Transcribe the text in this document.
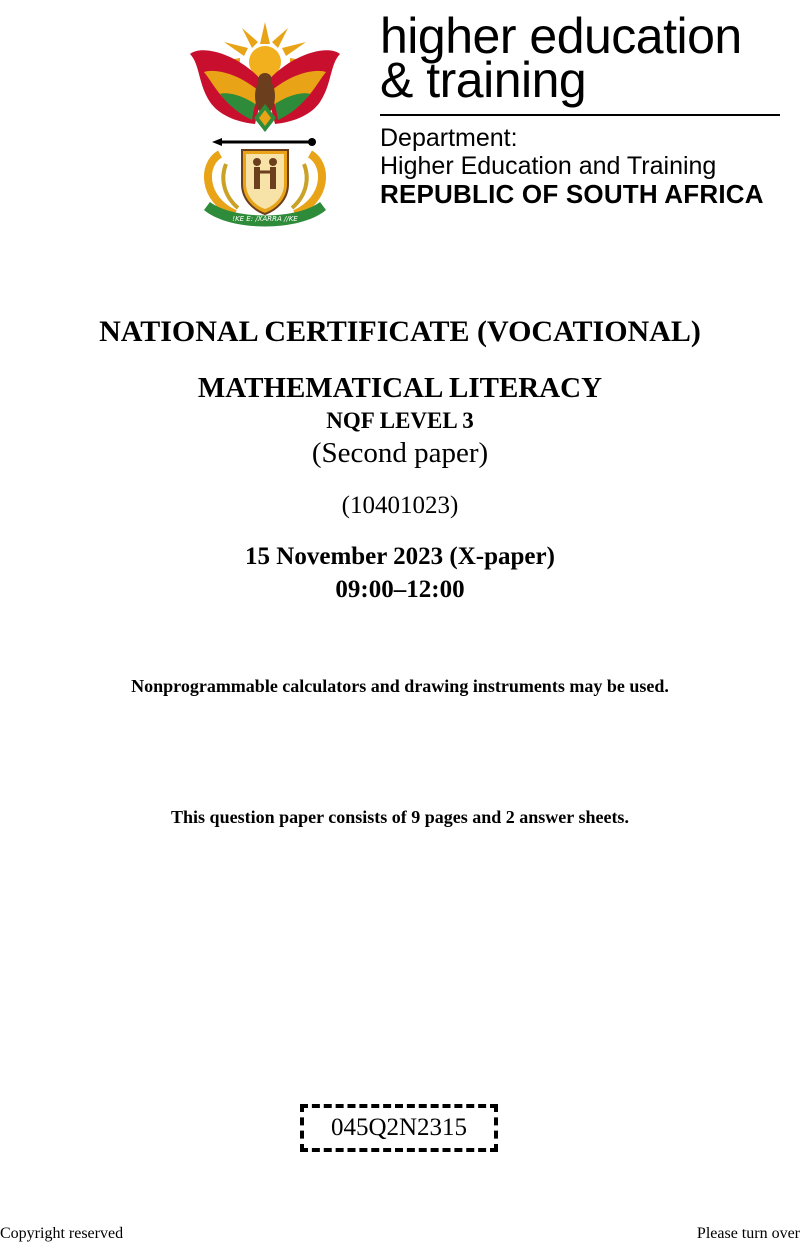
!KE E: /XARRA //KE
higher education
& training
Department:
Higher Education and Training
REPUBLIC OF SOUTH AFRICA
NATIONAL CERTIFICATE (VOCATIONAL)
MATHEMATICAL LITERACY
NQF LEVEL 3
(Second paper)
(10401023)
15 November 2023 (X-paper)
09:00–12:00
Nonprogrammable calculators and drawing instruments may be used.
This question paper consists of 9 pages and 2 answer sheets.
045Q2N2315
Copyright reserved	Please turn over
